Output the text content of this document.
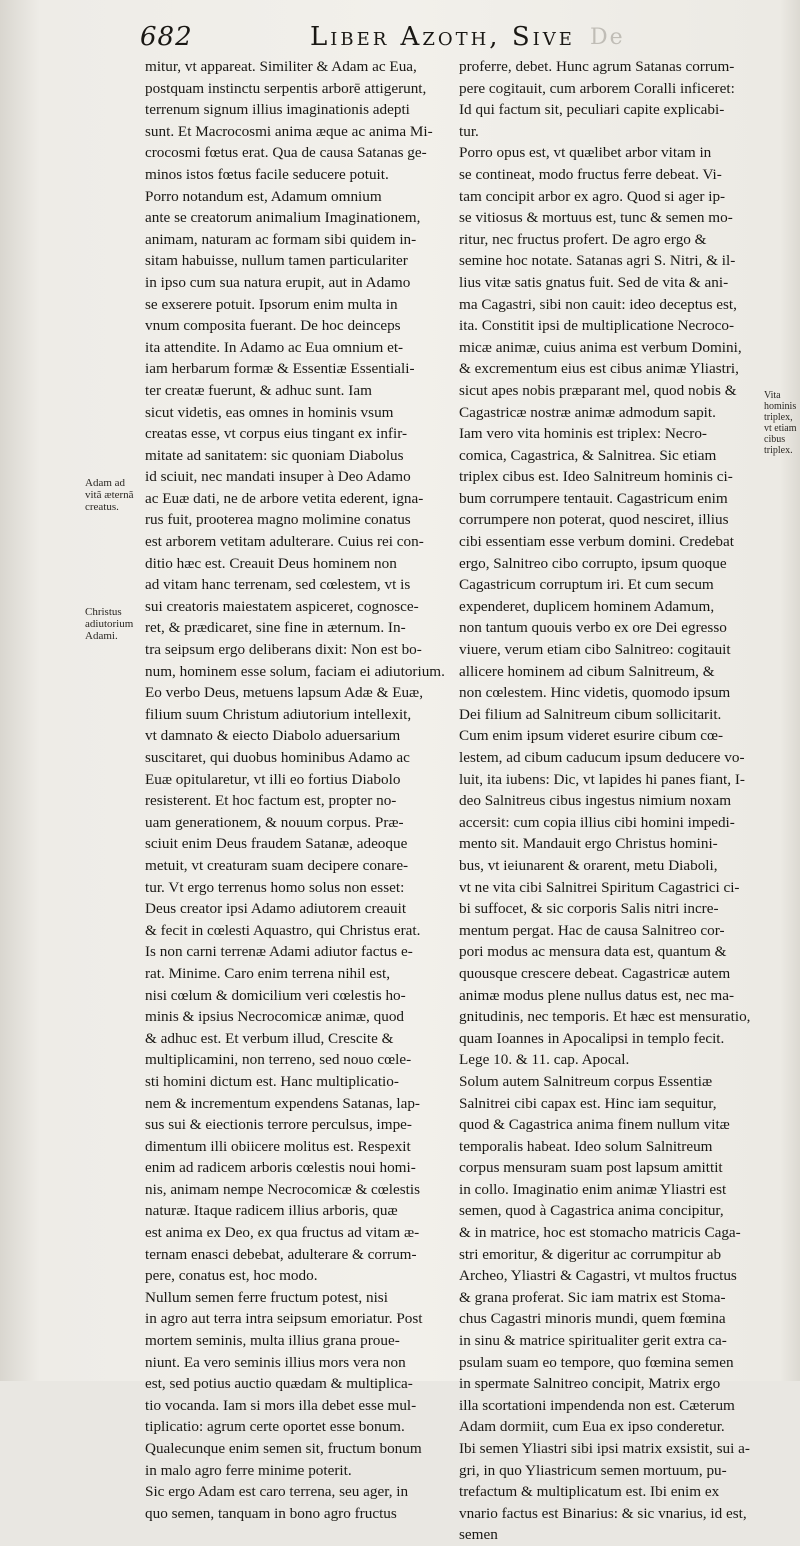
682	Liber Azoth, Sive De
Adam ad vitã æternã creatus.
Christus adiutorium Adami.
Vita hominis triplex, vt etiam cibus triplex.
mitur, vt appareat. Similiter & Adam ac Eua,
postquam instinctu serpentis arborē attigerunt,
terrenum signum illius imaginationis adepti
sunt. Et Macrocosmi anima æque ac anima Mi-
crocosmi fœtus erat. Qua de causa Satanas ge-
minos istos fœtus facile seducere potuit.
Porro notandum est, Adamum omnium
ante se creatorum animalium Imaginationem,
animam, naturam ac formam sibi quidem in-
sitam habuisse, nullum tamen particulariter
in ipso cum sua natura erupit, aut in Adamo
se exserere potuit. Ipsorum enim multa in
vnum composita fuerant. De hoc deinceps
ita attendite. In Adamo ac Eua omnium et-
iam herbarum formæ & Essentiæ Essentiali-
ter creatæ fuerunt, & adhuc sunt. Iam
sicut videtis, eas omnes in hominis vsum
creatas esse, vt corpus eius tingant ex infir-
mitate ad sanitatem: sic quoniam Diabolus
id sciuit, nec mandati insuper à Deo Adamo
ac Euæ dati, ne de arbore vetita ederent, igna-
rus fuit, prooterea magno molimine conatus
est arborem vetitam adulterare. Cuius rei con-
ditio hæc est. Creauit Deus hominem non
ad vitam hanc terrenam, sed cœlestem, vt is
sui creatoris maiestatem aspiceret, cognosce-
ret, & prædicaret, sine fine in æternum. In-
tra seipsum ergo deliberans dixit: Non est bo-
num, hominem esse solum, faciam ei adiutorium.
Eo verbo Deus, metuens lapsum Adæ & Euæ,
filium suum Christum adiutorium intellexit,
vt damnato & eiecto Diabolo aduersarium
suscitaret, qui duobus hominibus Adamo ac
Euæ opitularetur, vt illi eo fortius Diabolo
resisterent. Et hoc factum est, propter no-
uam generationem, & nouum corpus. Præ-
sciuit enim Deus fraudem Satanæ, adeoque
metuit, vt creaturam suam decipere conare-
tur. Vt ergo terrenus homo solus non esset:
Deus creator ipsi Adamo adiutorem creauit
& fecit in cœlesti Aquastro, qui Christus erat.
Is non carni terrenæ Adami adiutor factus e-
rat. Minime. Caro enim terrena nihil est,
nisi cœlum & domicilium veri cœlestis ho-
minis & ipsius Necrocomicæ animæ, quod
& adhuc est. Et verbum illud, Crescite &
multiplicamini, non terreno, sed nouo cœle-
sti homini dictum est. Hanc multiplicatio-
nem & incrementum expendens Satanas, lap-
sus sui & eiectionis terrore perculsus, impe-
dimentum illi obiicere molitus est. Respexit
enim ad radicem arboris cœlestis noui homi-
nis, animam nempe Necrocomicæ & cœlestis
naturæ. Itaque radicem illius arboris, quæ
est anima ex Deo, ex qua fructus ad vitam æ-
ternam enasci debebat, adulterare & corrum-
pere, conatus est, hoc modo.
Nullum semen ferre fructum potest, nisi
in agro aut terra intra seipsum emoriatur. Post
mortem seminis, multa illius grana proue-
niunt. Ea vero seminis illius mors vera non
est, sed potius auctio quædam & multiplica-
tio vocanda. Iam si mors illa debet esse mul-
tiplicatio: agrum certe oportet esse bonum.
Qualecunque enim semen sit, fructum bonum
in malo agro ferre minime poterit.
Sic ergo Adam est caro terrena, seu ager, in
quo semen, tanquam in bono agro fructus
proferre, debet. Hunc agrum Satanas corrum-
pere cogitauit, cum arborem Coralli inficeret:
Id qui factum sit, peculiari capite explicabi-
tur.
Porro opus est, vt quælibet arbor vitam in
se contineat, modo fructus ferre debeat. Vi-
tam concipit arbor ex agro. Quod si ager ip-
se vitiosus & mortuus est, tunc & semen mo-
ritur, nec fructus profert. De agro ergo &
semine hoc notate. Satanas agri S. Nitri, & il-
lius vitæ satis gnatus fuit. Sed de vita & ani-
ma Cagastri, sibi non cauit: ideo deceptus est,
ita. Constitit ipsi de multiplicatione Necroco-
micæ animæ, cuius anima est verbum Domini,
& excrementum eius est cibus animæ Yliastri,
sicut apes nobis præparant mel, quod nobis &
Cagastricæ nostræ animæ admodum sapit.
Iam vero vita hominis est triplex: Necro-
comica, Cagastrica, & Salnitrea. Sic etiam
triplex cibus est. Ideo Salnitreum hominis ci-
bum corrumpere tentauit. Cagastricum enim
corrumpere non poterat, quod nesciret, illius
cibi essentiam esse verbum domini. Credebat
ergo, Salnitreo cibo corrupto, ipsum quoque
Cagastricum corruptum iri. Et cum secum
expenderet, duplicem hominem Adamum,
non tantum quouis verbo ex ore Dei egresso
viuere, verum etiam cibo Salnitreo: cogitauit
allicere hominem ad cibum Salnitreum, &
non cœlestem. Hinc videtis, quomodo ipsum
Dei filium ad Salnitreum cibum sollicitarit.
Cum enim ipsum videret esurire cibum cœ-
lestem, ad cibum caducum ipsum deducere vo-
luit, ita iubens: Dic, vt lapides hi panes fiant, I-
deo Salnitreus cibus ingestus nimium noxam
accersit: cum copia illius cibi homini impedi-
mento sit. Mandauit ergo Christus homini-
bus, vt ieiunarent & orarent, metu Diaboli,
vt ne vita cibi Salnitrei Spiritum Cagastrici ci-
bi suffocet, & sic corporis Salis nitri incre-
mentum pergat. Hac de causa Salnitreo cor-
pori modus ac mensura data est, quantum &
quousque crescere debeat. Cagastricæ autem
animæ modus plene nullus datus est, nec ma-
gnitudinis, nec temporis. Et hæc est mensuratio,
quam Ioannes in Apocalipsi in templo fecit.
Lege 10. & 11. cap. Apocal.
Solum autem Salnitreum corpus Essentiæ
Salnitrei cibi capax est. Hinc iam sequitur,
quod & Cagastrica anima finem nullum vitæ
temporalis habeat. Ideo solum Salnitreum
corpus mensuram suam post lapsum amittit
in collo. Imaginatio enim animæ Yliastri est
semen, quod à Cagastrica anima concipitur,
& in matrice, hoc est stomacho matricis Caga-
stri emoritur, & digeritur ac corrumpitur ab
Archeo, Yliastri & Cagastri, vt multos fructus
& grana proferat. Sic iam matrix est Stoma-
chus Cagastri minoris mundi, quem fœmina
in sinu & matrice spiritualiter gerit extra ca-
psulam suam eo tempore, quo fœmina semen
in spermate Salnitreo concipit, Matrix ergo
illa scortationi impendenda non est. Cæterum
Adam dormiit, cum Eua ex ipso conderetur.
Ibi semen Yliastri sibi ipsi matrix exsistit, sui a-
gri, in quo Yliastricum semen mortuum, pu-
trefactum & multiplicatum est. Ibi enim ex
vnario factus est Binarius: & sic vnarius, id est,
semen
